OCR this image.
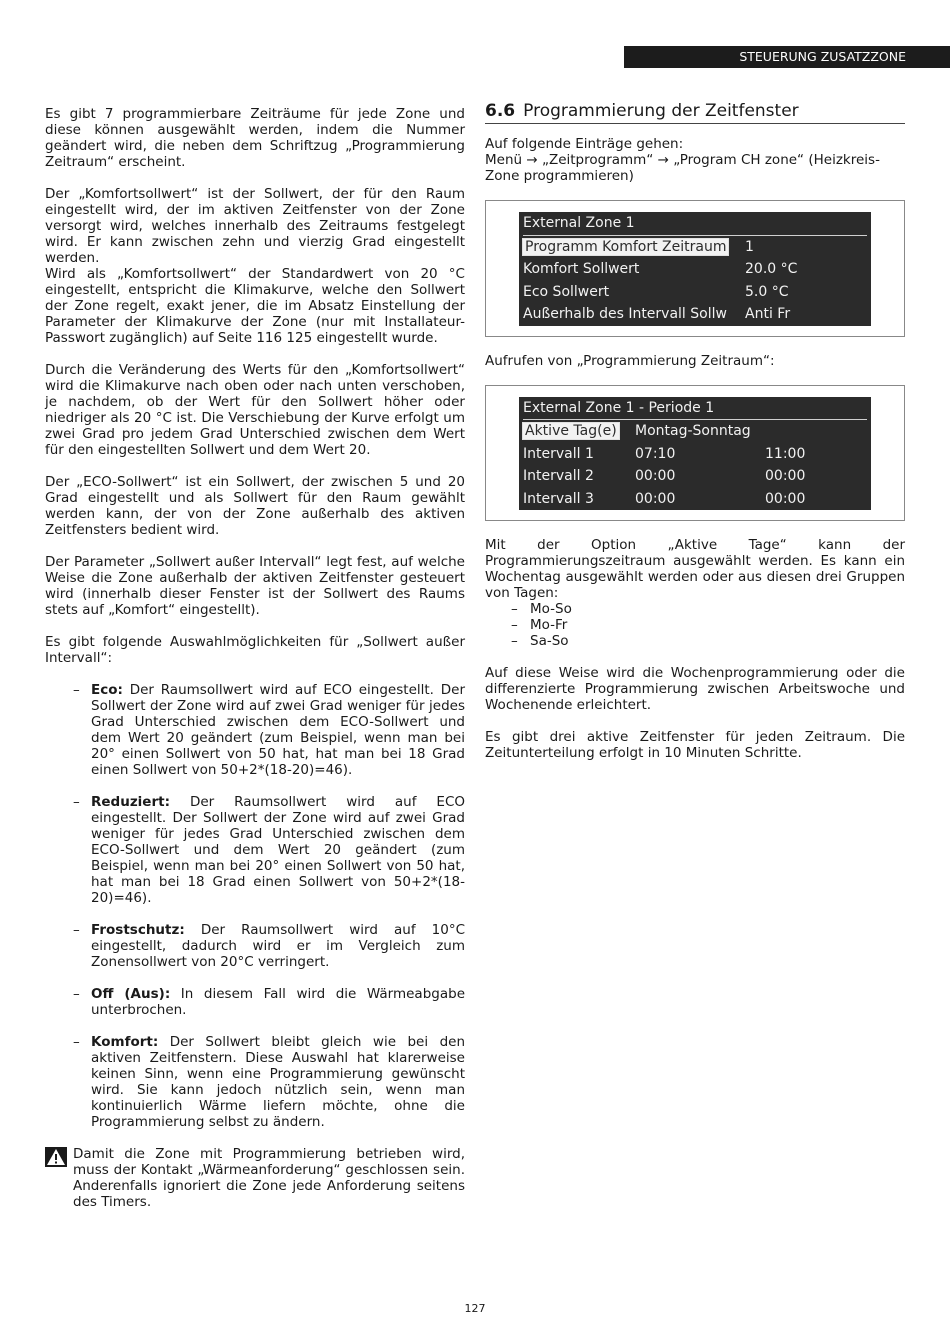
STEUERUNG ZUSATZZONE

Es gibt 7 programmierbare Zeiträume für jede Zone und diese können ausgewählt werden, indem die Nummer geändert wird, die neben dem Schriftzug „Programmierung Zeitraum“ erscheint.

Der „Komfortsollwert“ ist der Sollwert, der für den Raum eingestellt wird, der im aktiven Zeitfenster von der Zone versorgt wird, welches innerhalb des Zeitraums festgelegt wird. Er kann zwischen zehn und vierzig Grad eingestellt werden.

Wird als „Komfortsollwert“ der Standardwert von 20 °C eingestellt, entspricht die Klimakurve, welche den Sollwert der Zone regelt, exakt jener, die im Absatz Einstellung der Parameter der Klimakurve der Zone (nur mit Installateur-Passwort zugänglich) auf Seite 116 125 eingestellt wurde.

Durch die Veränderung des Werts für den „Komfortsollwert“ wird die Klimakurve nach oben oder nach unten verschoben, je nachdem, ob der Wert für den Sollwert höher oder niedriger als 20 °C ist. Die Verschiebung der Kurve erfolgt um zwei Grad pro jedem Grad Unterschied zwischen dem Wert für den eingestellten Sollwert und dem Wert 20.

Der „ECO-Sollwert“ ist ein Sollwert, der zwischen 5 und 20 Grad eingestellt und als Sollwert für den Raum gewählt werden kann, der von der Zone außerhalb des aktiven Zeitfensters bedient wird.

Der Parameter „Sollwert außer Intervall“ legt fest, auf welche Weise die Zone außerhalb der aktiven Zeitfenster gesteuert wird (innerhalb dieser Fenster ist der Sollwert des Raums stets auf „Komfort“ eingestellt).

Es gibt folgende Auswahlmöglichkeiten für „Sollwert außer Intervall“:

– Eco: Der Raumsollwert wird auf ECO eingestellt. Der Sollwert der Zone wird auf zwei Grad weniger für jedes Grad Unterschied zwischen dem ECO-Sollwert und dem Wert 20 geändert (zum Beispiel, wenn man bei 20° einen Sollwert von 50 hat, hat man bei 18 Grad einen Sollwert von 50+2*(18-20)=46).
– Reduziert: Der Raumsollwert wird auf ECO eingestellt. Der Sollwert der Zone wird auf zwei Grad weniger für jedes Grad Unterschied zwischen dem ECO-Sollwert und dem Wert 20 geändert (zum Beispiel, wenn man bei 20° einen Sollwert von 50 hat, hat man bei 18 Grad einen Sollwert von 50+2*(18-20)=46).
– Frostschutz: Der Raumsollwert wird auf 10°C eingestellt, dadurch wird er im Vergleich zum Zonensollwert von 20°C verringert.
– Off (Aus): In diesem Fall wird die Wärmeabgabe unterbrochen.
– Komfort: Der Sollwert bleibt gleich wie bei den aktiven Zeitfenstern. Diese Auswahl hat klarerweise keinen Sinn, wenn eine Programmierung gewünscht wird. Sie kann jedoch nützlich sein, wenn man kontinuierlich Wärme liefern möchte, ohne die Programmierung selbst zu ändern.
Damit die Zone mit Programmierung betrieben wird, muss der Kontakt „Wärmeanforderung“ geschlossen sein. Anderenfalls ignoriert die Zone jede Anforderung seitens des Timers.
6.6 Programmierung der Zeitfenster

Auf folgende Einträge gehen:

Menü → „Zeitprogramm“ → „Program CH zone“ (Heizkreis-Zone programmieren)

External Zone 1
Programm Komfort Zeitraum	1
Komfort Sollwert	20.0 °C
Eco Sollwert	5.0 °C
Außerhalb des Intervall Sollw	Anti Fr

Aufrufen von „Programmierung Zeitraum“:

External Zone 1 - Periode 1
Aktive Tag(e)	Montag-Sonntag
Intervall 1	07:10	11:00
Intervall 2	00:00	00:00
Intervall 3	00:00	00:00

Mit der Option „Aktive Tage“ kann der Programmierungszeitraum ausgewählt werden. Es kann ein Wochentag ausgewählt werden oder aus diesen drei Gruppen von Tagen:

– Mo-So
– Mo-Fr
– Sa-So

Auf diese Weise wird die Wochenprogrammierung oder die differenzierte Programmierung zwischen Arbeitswoche und Wochenende erleichtert.

Es gibt drei aktive Zeitfenster für jeden Zeitraum. Die Zeitunterteilung erfolgt in 10 Minuten Schritte.

127
